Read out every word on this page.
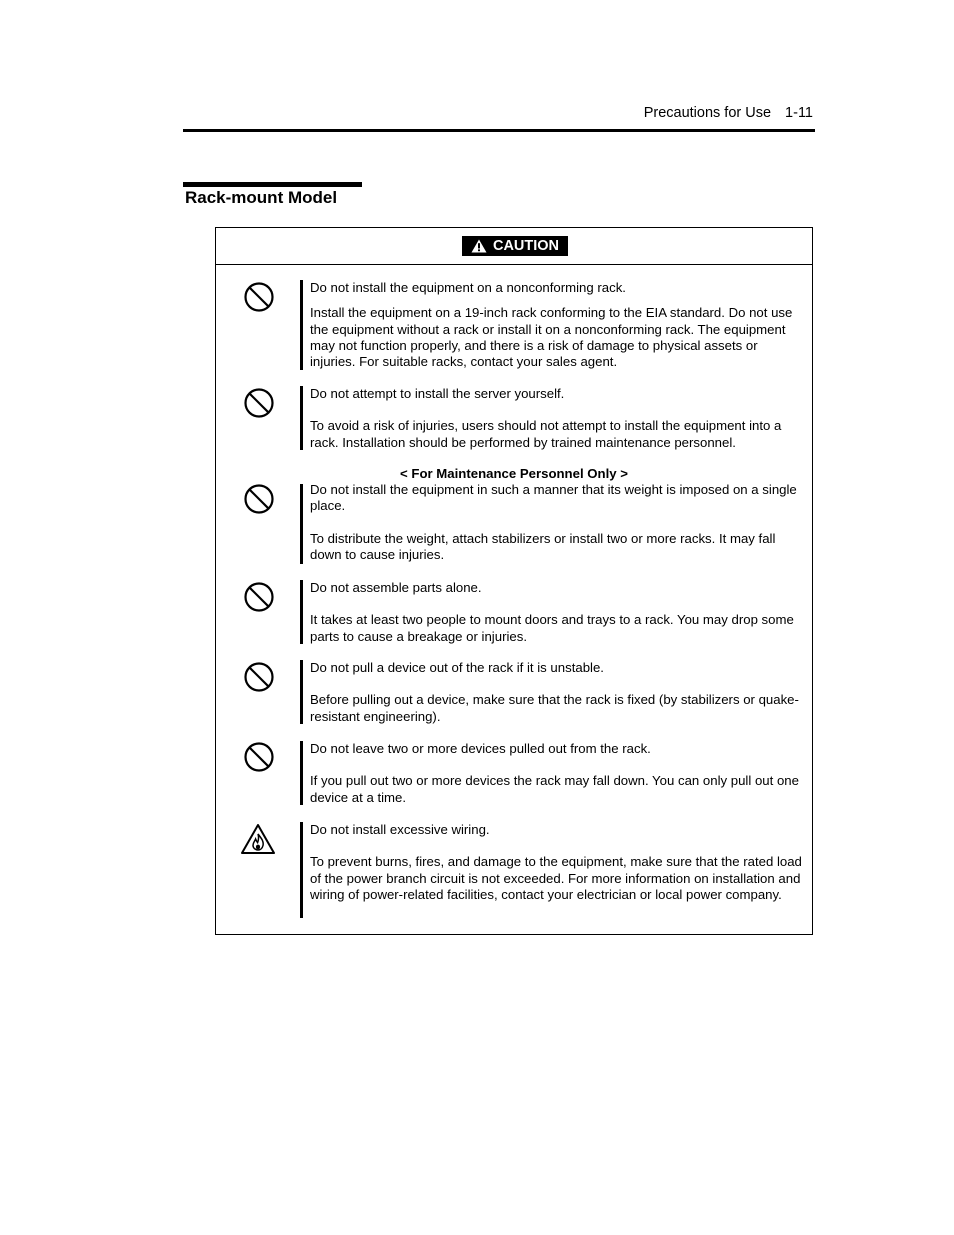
Precautions for Use 1-11
Rack-mount Model
CAUTION

Do not install the equipment on a nonconforming rack.

Install the equipment on a 19-inch rack conforming to the EIA standard. Do not use the equipment without a rack or install it on a nonconforming rack. The equipment may not function properly, and there is a risk of damage to physical assets or injuries. For suitable racks, contact your sales agent.

Do not attempt to install the server yourself.

To avoid a risk of injuries, users should not attempt to install the equipment into a rack. Installation should be performed by trained maintenance personnel.

< For Maintenance Personnel Only >

Do not install the equipment in such a manner that its weight is imposed on a single place.

To distribute the weight, attach stabilizers or install two or more racks. It may fall down to cause injuries.

Do not assemble parts alone.

It takes at least two people to mount doors and trays to a rack. You may drop some parts to cause a breakage or injuries.

Do not pull a device out of the rack if it is unstable.

Before pulling out a device, make sure that the rack is fixed (by stabilizers or quake-resistant engineering).

Do not leave two or more devices pulled out from the rack.

If you pull out two or more devices the rack may fall down. You can only pull out one device at a time.

Do not install excessive wiring.

To prevent burns, fires, and damage to the equipment, make sure that the rated load of the power branch circuit is not exceeded. For more information on installation and wiring of power-related facilities, contact your electrician or local power company.
